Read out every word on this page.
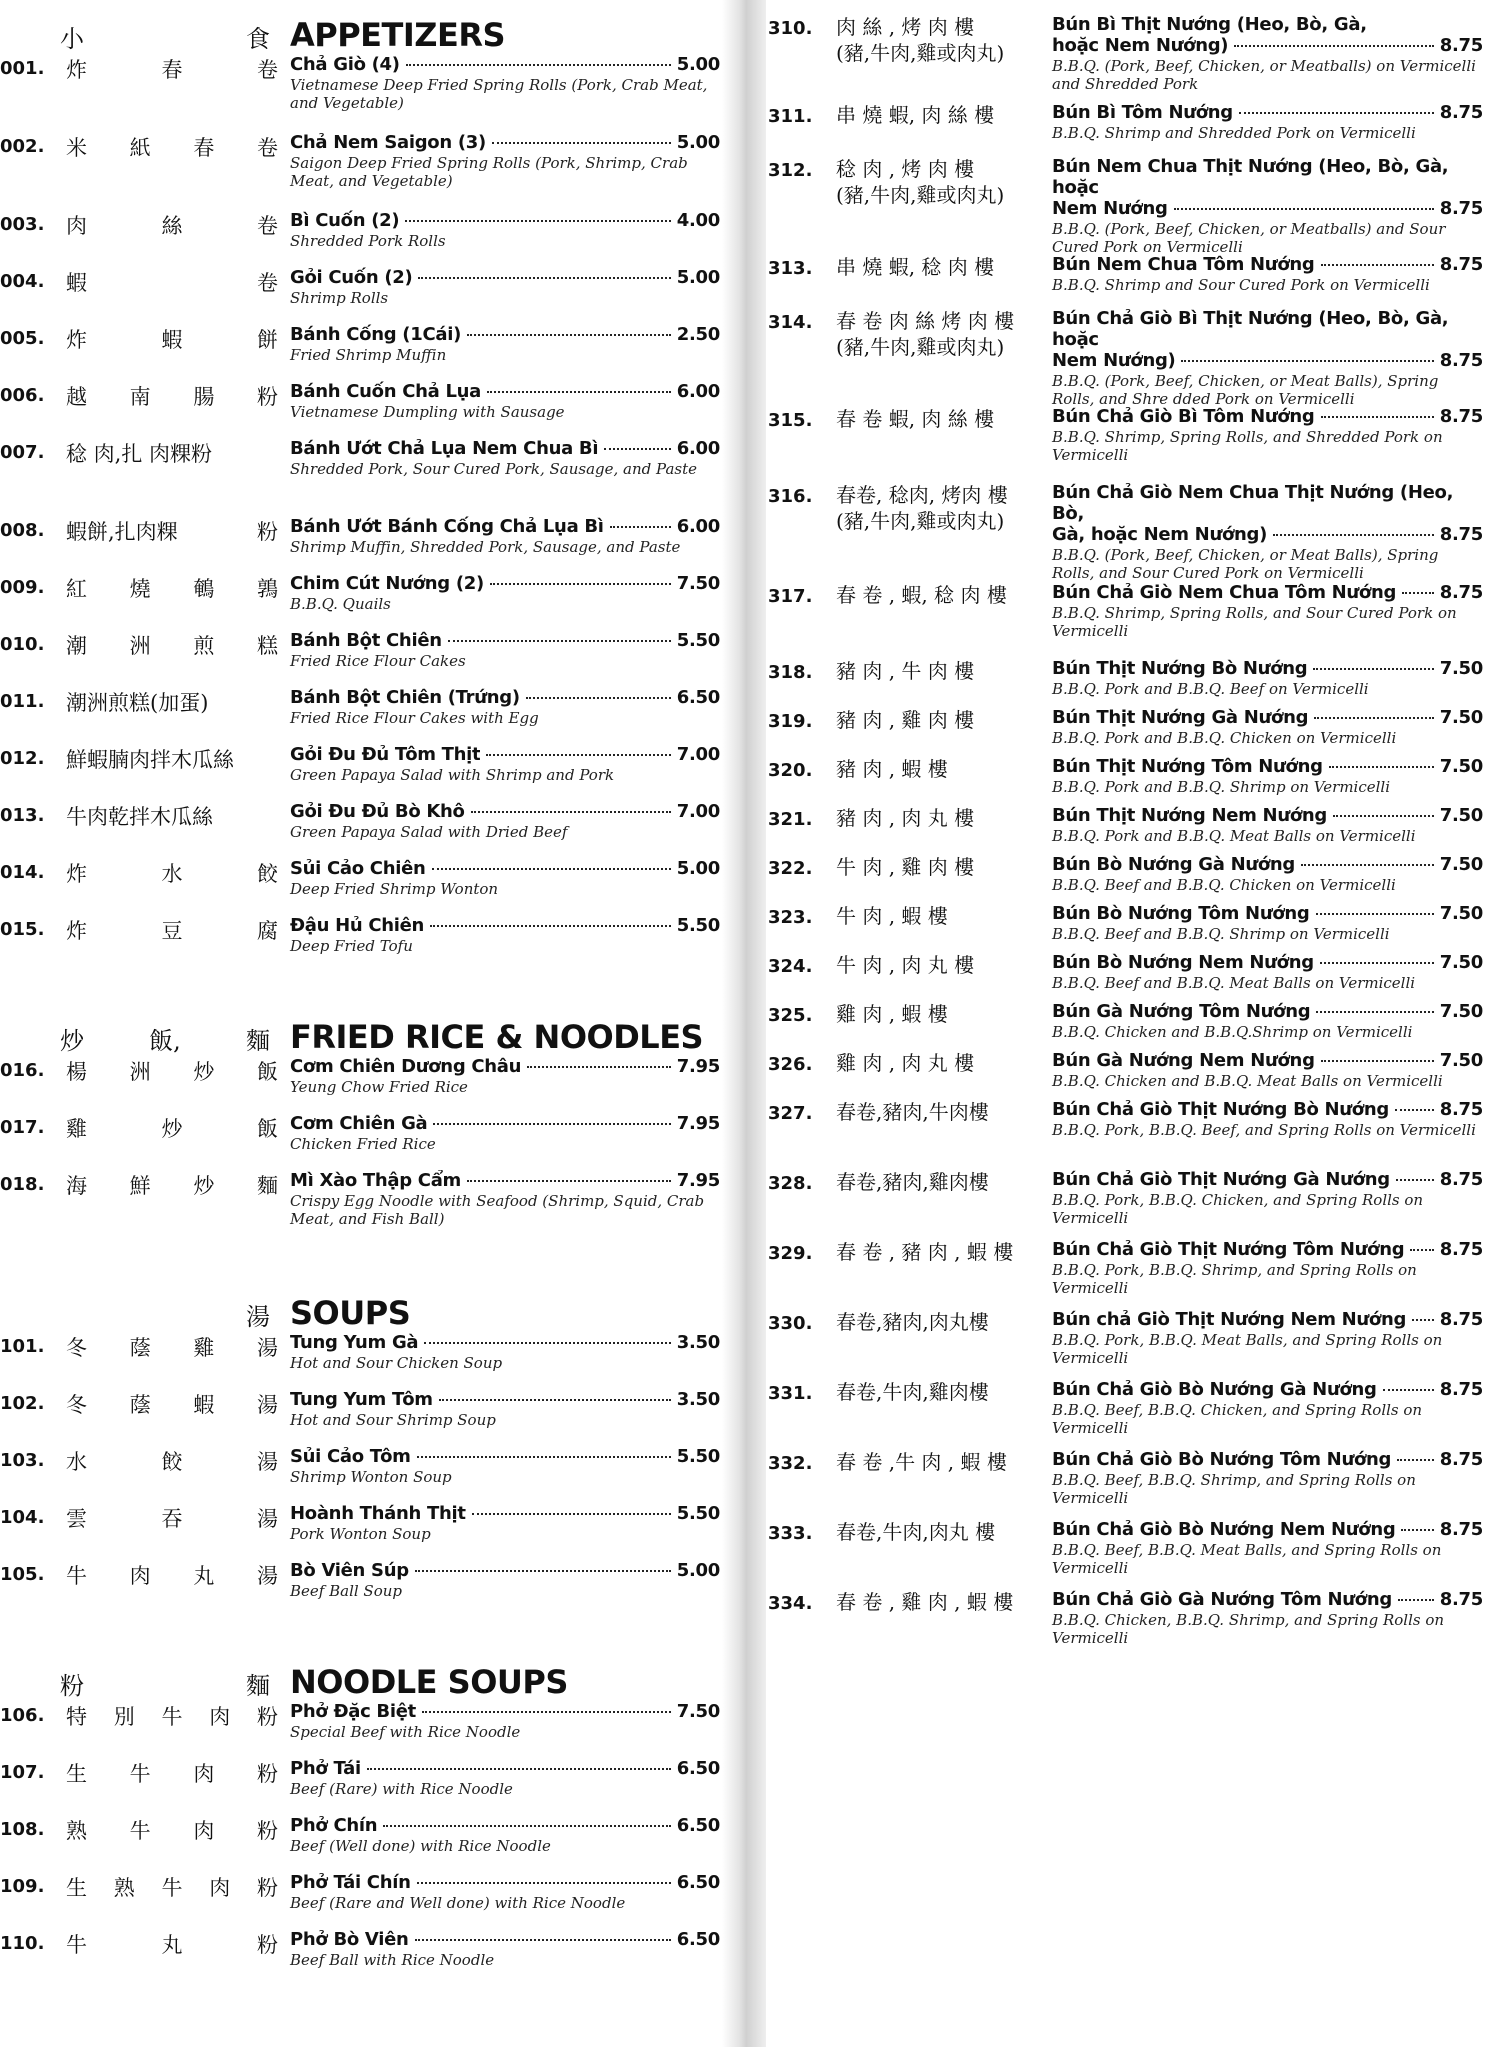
小	食 APPETIZERS
001.	炸	春	卷 Chả Giò (4)	5.00
Vietnamese Deep Fried Spring Rolls (Pork, Crab Meat, and Vegetable)
002.	米 紙 春 卷 Chả Nem Saigon (3)	5.00
Saigon Deep Fried Spring Rolls (Pork, Shrimp, Crab Meat, and Vegetable)
003.	肉	絲	卷 Bì Cuốn (2)	4.00
Shredded Pork Rolls
004.	蝦	卷 Gỏi Cuốn (2)	5.00
Shrimp Rolls
005.	炸	蝦	餅 Bánh Cống (1Cái)	2.50
Fried Shrimp Muffin
006.	越 南 腸 粉 Bánh Cuốn Chả Lụa	6.00
Vietnamese Dumpling with Sausage
007.	稔 肉,扎 肉粿粉	Bánh Ướt Chả Lụa Nem Chua Bì	6.00
Shredded Pork, Sour Cured Pork, Sausage, and Paste
008.	蝦餅,扎肉粿	粉 Bánh Ướt Bánh Cống Chả Lụa Bì	6.00
Shrimp Muffin, Shredded Pork, Sausage, and Paste
009.	紅 燒 鵪 鶉 Chim Cút Nướng (2)	7.50
B.B.Q. Quails
010.	潮 洲 煎 糕 Bánh Bột Chiên	5.50
Fried Rice Flour Cakes
011.	潮洲煎糕(加蛋)	Bánh Bột Chiên (Trứng)	6.50
Fried Rice Flour Cakes with Egg
012.	鮮蝦腩肉拌木瓜絲	Gỏi Đu Đủ Tôm Thịt	7.00
Green Papaya Salad with Shrimp and Pork
013.	牛肉乾拌木瓜絲	Gỏi Đu Đủ Bò Khô	7.00
Green Papaya Salad with Dried Beef
014.	炸	水	餃 Sủi Cảo Chiên	5.00
Deep Fried Shrimp Wonton
015.	炸	豆	腐 Đậu Hủ Chiên	5.50
Deep Fried Tofu
炒	飯,	麵 FRIED RICE & NOODLES
016.	楊 洲 炒 飯 Cơm Chiên Dương Châu	7.95
Yeung Chow Fried Rice
017.	雞	炒	飯 Cơm Chiên Gà	7.95
Chicken Fried Rice
018.	海 鮮 炒 麵 Mì Xào Thập Cẩm	7.95
Crispy Egg Noodle with Seafood (Shrimp, Squid, Crab Meat, and Fish Ball)
湯 SOUPS
101.	冬 蔭 雞 湯 Tung Yum Gà	3.50
Hot and Sour Chicken Soup
102.	冬 蔭 蝦 湯 Tung Yum Tôm	3.50
Hot and Sour Shrimp Soup
103.	水	餃	湯 Sủi Cảo Tôm	5.50
Shrimp Wonton Soup
104.	雲	吞	湯 Hoành Thánh Thịt	5.50
Pork Wonton Soup
105.	牛 肉 丸 湯 Bò Viên Súp	5.00
Beef Ball Soup
粉	麵 NOODLE SOUPS
106.	特 別 牛 肉 粉 Phở Đặc Biệt	7.50
Special Beef with Rice Noodle
107.	生 牛 肉 粉 Phở Tái	6.50
Beef (Rare) with Rice Noodle
108.	熟 牛 肉 粉 Phở Chín	6.50
Beef (Well done) with Rice Noodle
109.	生 熟 牛 肉 粉 Phở Tái Chín	6.50
Beef (Rare and Well done) with Rice Noodle
110.	牛	丸	粉 Phở Bò Viên	6.50
Beef Ball with Rice Noodle
310.	肉 絲 , 烤 肉 樓
(豬,牛肉,雞或肉丸)
Bún Bì Thịt Nướng (Heo, Bò, Gà,
hoặc Nem Nướng)	8.75
B.B.Q. (Pork, Beef, Chicken, or Meatballs) on Vermicelli and Shredded Pork
311.	串 燒 蝦, 肉 絲 樓	Bún Bì Tôm Nướng	8.75
B.B.Q. Shrimp and Shredded Pork on Vermicelli
312.	稔 肉 , 烤 肉 樓
(豬,牛肉,雞或肉丸)
Bún Nem Chua Thịt Nướng (Heo, Bò, Gà, hoặc
Nem Nướng	8.75
B.B.Q. (Pork, Beef, Chicken, or Meatballs) and Sour Cured Pork on Vermicelli
313.	串 燒 蝦, 稔 肉 樓	Bún Nem Chua Tôm Nướng	8.75
B.B.Q. Shrimp and Sour Cured Pork on Vermicelli
314.	春 卷 肉 絲 烤 肉 樓
(豬,牛肉,雞或肉丸)
Bún Chả Giò Bì Thịt Nướng (Heo, Bò, Gà, hoặc
Nem Nướng)	8.75
B.B.Q. (Pork, Beef, Chicken, or Meat Balls), Spring Rolls, and Shre dded Pork on Vermicelli
315.	春 卷 蝦, 肉 絲 樓	Bún Chả Giò Bì Tôm Nướng	8.75
B.B.Q. Shrimp, Spring Rolls, and Shredded Pork on Vermicelli
316.	春卷, 稔肉, 烤肉 樓
(豬,牛肉,雞或肉丸)
Bún Chả Giò Nem Chua Thịt Nướng (Heo, Bò,
Gà, hoặc Nem Nướng)	8.75
B.B.Q. (Pork, Beef, Chicken, or Meat Balls), Spring Rolls, and Sour Cured Pork on Vermicelli
317.	春 卷 , 蝦, 稔 肉 樓	Bún Chả Giò Nem Chua Tôm Nướng 8.75
B.B.Q. Shrimp, Spring Rolls, and Sour Cured Pork on Vermicelli
318.	豬 肉 , 牛 肉 樓	Bún Thịt Nướng Bò Nướng	7.50
B.B.Q. Pork and B.B.Q. Beef on Vermicelli
319.	豬 肉 , 雞 肉 樓	Bún Thịt Nướng Gà Nướng	7.50
B.B.Q. Pork and B.B.Q. Chicken on Vermicelli
320.	豬 肉 , 蝦 樓	Bún Thịt Nướng Tôm Nướng	7.50
B.B.Q. Pork and B.B.Q. Shrimp on Vermicelli
321.	豬 肉 , 肉 丸 樓	Bún Thịt Nướng Nem Nướng	7.50
B.B.Q. Pork and B.B.Q. Meat Balls on Vermicelli
322.	牛 肉 , 雞 肉 樓	Bún Bò Nướng Gà Nướng	7.50
B.B.Q. Beef and B.B.Q. Chicken on Vermicelli
323.	牛 肉 , 蝦 樓	Bún Bò Nướng Tôm Nướng	7.50
B.B.Q. Beef and B.B.Q. Shrimp on Vermicelli
324.	牛 肉 , 肉 丸 樓	Bún Bò Nướng Nem Nướng	7.50
B.B.Q. Beef and B.B.Q. Meat Balls on Vermicelli
325.	雞 肉 , 蝦 樓	Bún Gà Nướng Tôm Nướng	7.50
B.B.Q. Chicken and B.B.Q.Shrimp on Vermicelli
326.	雞 肉 , 肉 丸 樓	Bún Gà Nướng Nem Nướng	7.50
B.B.Q. Chicken and B.B.Q. Meat Balls on Vermicelli
327.	春卷,豬肉,牛肉樓	Bún Chả Giò Thịt Nướng Bò Nướng	8.75
B.B.Q. Pork, B.B.Q. Beef, and Spring Rolls on Vermicelli
328.	春卷,豬肉,雞肉樓	Bún Chả Giò Thịt Nướng Gà Nướng	8.75
B.B.Q. Pork, B.B.Q. Chicken, and Spring Rolls on Vermicelli
329.	春 卷 , 豬 肉 , 蝦 樓	Bún Chả Giò Thịt Nướng Tôm Nướng 8.75
B.B.Q. Pork, B.B.Q. Shrimp, and Spring Rolls on Vermicelli
330.	春卷,豬肉,肉丸樓	Bún chả Giò Thịt Nướng Nem Nướng 8.75
B.B.Q. Pork, B.B.Q. Meat Balls, and Spring Rolls on Vermicelli
331.	春卷,牛肉,雞肉樓	Bún Chả Giò Bò Nướng Gà Nướng	8.75
B.B.Q. Beef, B.B.Q. Chicken, and Spring Rolls on Vermicelli
332.	春 卷 ,牛 肉 , 蝦 樓	Bún Chả Giò Bò Nướng Tôm Nướng	8.75
B.B.Q. Beef, B.B.Q. Shrimp, and Spring Rolls on Vermicelli
333.	春卷,牛肉,肉丸 樓	Bún Chả Giò Bò Nướng Nem Nướng 8.75
B.B.Q. Beef, B.B.Q. Meat Balls, and Spring Rolls on Vermicelli
334.	春 卷 , 雞 肉 , 蝦 樓	Bún Chả Giò Gà Nướng Tôm Nướng	8.75
B.B.Q. Chicken, B.B.Q. Shrimp, and Spring Rolls on Vermicelli
